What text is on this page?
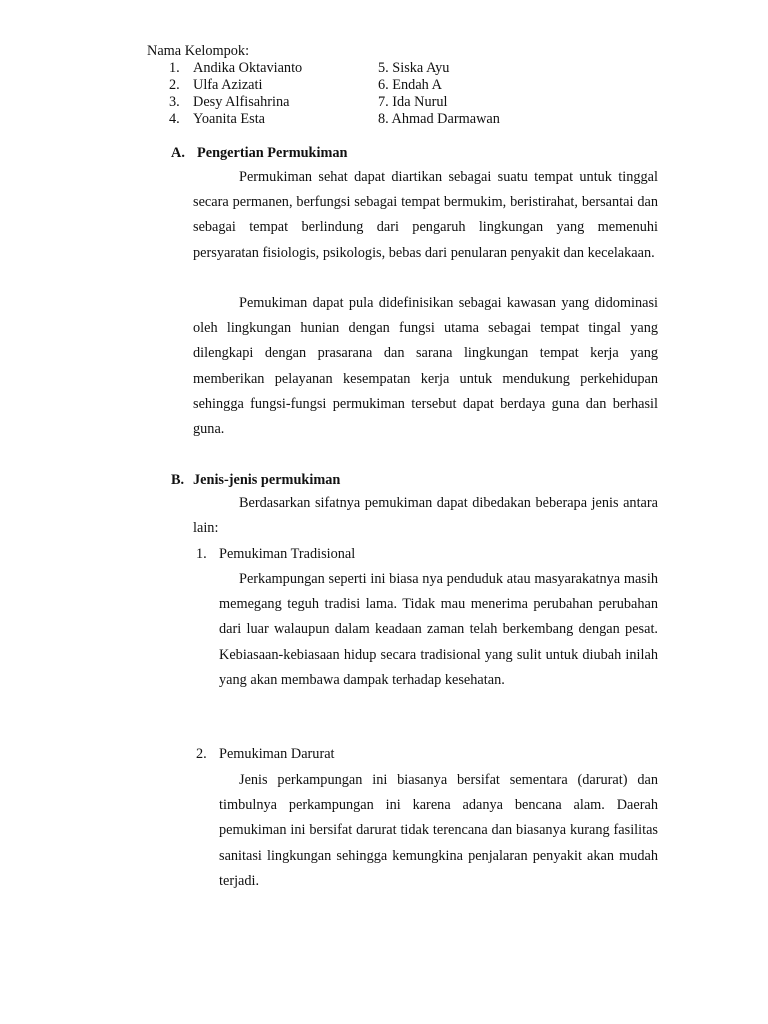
Nama Kelompok:
1. Andika Oktavianto
2. Ulfa Azizati
3. Desy Alfisahrina
4. Yoanita Esta
5. Siska Ayu
6. Endah A
7. Ida Nurul
8. Ahmad Darmawan
A. Pengertian Permukiman

Permukiman sehat dapat diartikan sebagai suatu tempat untuk tinggal secara permanen, berfungsi sebagai tempat bermukim, beristirahat, bersantai dan sebagai tempat berlindung dari pengaruh lingkungan yang memenuhi persyaratan fisiologis, psikologis, bebas dari penularan penyakit dan kecelakaan.

Pemukiman dapat pula didefinisikan sebagai kawasan yang didominasi oleh lingkungan hunian dengan fungsi utama sebagai tempat tingal yang dilengkapi dengan prasarana dan sarana lingkungan tempat kerja yang memberikan pelayanan kesempatan kerja untuk mendukung perkehidupan sehingga fungsi-fungsi permukiman tersebut dapat berdaya guna dan berhasil guna.

B. Jenis-jenis permukiman

Berdasarkan sifatnya pemukiman dapat dibedakan beberapa jenis antara lain:

1. Pemukiman Tradisional

Perkampungan seperti ini biasa nya penduduk atau masyarakatnya masih memegang teguh tradisi lama. Tidak mau menerima perubahan perubahan dari luar walaupun dalam keadaan zaman telah berkembang dengan pesat. Kebiasaan-kebiasaan hidup secara tradisional yang sulit untuk diubah inilah yang akan membawa dampak terhadap kesehatan.

2. Pemukiman Darurat

Jenis perkampungan ini biasanya bersifat sementara (darurat) dan timbulnya perkampungan ini karena adanya bencana alam. Daerah pemukiman ini bersifat darurat tidak terencana dan biasanya kurang fasilitas sanitasi lingkungan sehingga kemungkina penjalaran penyakit akan mudah terjadi.
